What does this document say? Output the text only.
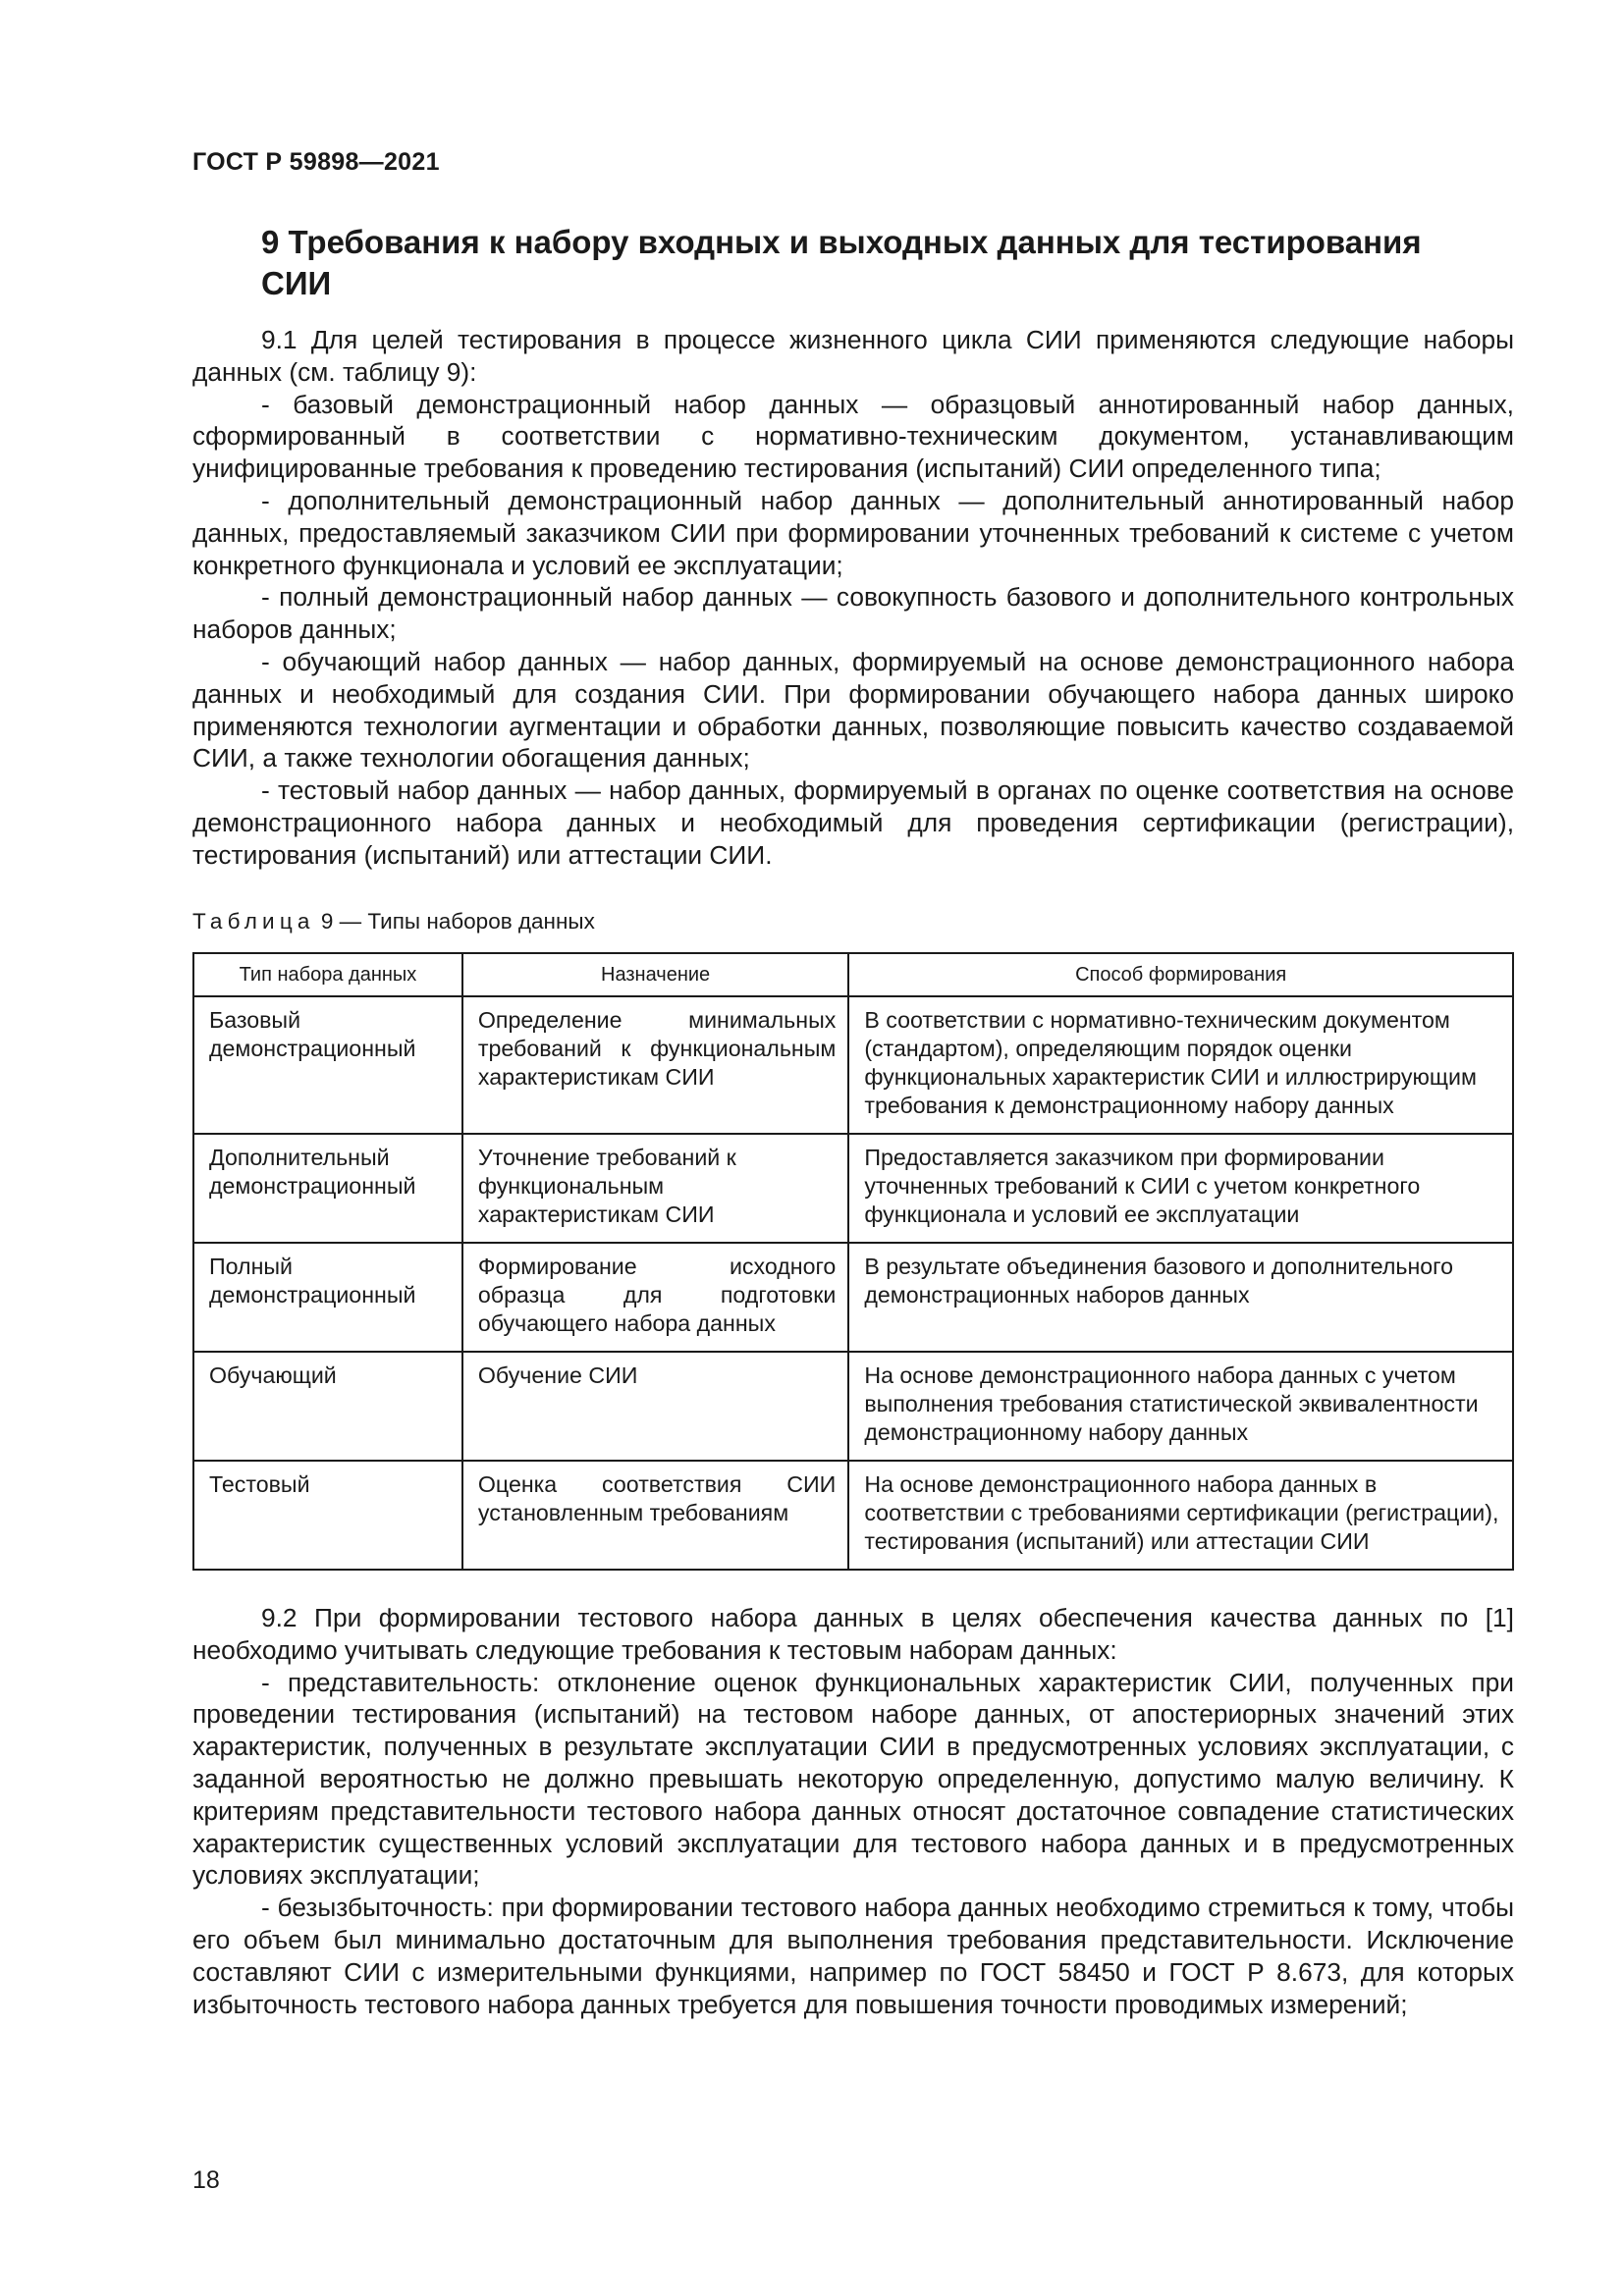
ГОСТ Р 59898—2021
9 Требования к набору входных и выходных данных для тестирования СИИ

9.1 Для целей тестирования в процессе жизненного цикла СИИ применяются следующие наборы данных (см. таблицу 9):

- базовый демонстрационный набор данных — образцовый аннотированный набор данных, сформированный в соответствии с нормативно-техническим документом, устанавливающим унифицированные требования к проведению тестирования (испытаний) СИИ определенного типа;

- дополнительный демонстрационный набор данных — дополнительный аннотированный набор данных, предоставляемый заказчиком СИИ при формировании уточненных требований к системе с учетом конкретного функционала и условий ее эксплуатации;

- полный демонстрационный набор данных — совокупность базового и дополнительного контрольных наборов данных;

- обучающий набор данных — набор данных, формируемый на основе демонстрационного набора данных и необходимый для создания СИИ. При формировании обучающего набора данных широко применяются технологии аугментации и обработки данных, позволяющие повысить качество создаваемой СИИ, а также технологии обогащения данных;

- тестовый набор данных — набор данных, формируемый в органах по оценке соответствия на основе демонстрационного набора данных и необходимый для проведения сертификации (регистрации), тестирования (испытаний) или аттестации СИИ.

Таблица 9 — Типы наборов данных
Тип набора данных	Назначение	Способ формирования
Базовый демонстрационный	Определение минимальных требований к функциональным характеристикам СИИ	В соответствии с нормативно-техническим документом (стандартом), определяющим порядок оценки функциональных характеристик СИИ и иллюстрирующим требования к демонстрационному набору данных
Дополнительный демонстрационный	Уточнение требований к функциональным характеристикам СИИ	Предоставляется заказчиком при формировании уточненных требований к СИИ с учетом конкретного функционала и условий ее эксплуатации
Полный демонстрационный	Формирование исходного образца для подготовки обучающего набора данных	В результате объединения базового и дополнительного демонстрационных наборов данных
Обучающий	Обучение СИИ	На основе демонстрационного набора данных с учетом выполнения требования статистической эквивалентности демонстрационному набору данных
Тестовый	Оценка соответствия СИИ установленным требованиям	На основе демонстрационного набора данных в соответствии с требованиями сертификации (регистрации), тестирования (испытаний) или аттестации СИИ

9.2 При формировании тестового набора данных в целях обеспечения качества данных по [1] необходимо учитывать следующие требования к тестовым наборам данных:

- представительность: отклонение оценок функциональных характеристик СИИ, полученных при проведении тестирования (испытаний) на тестовом наборе данных, от апостериорных значений этих характеристик, полученных в результате эксплуатации СИИ в предусмотренных условиях эксплуатации, с заданной вероятностью не должно превышать некоторую определенную, допустимо малую величину. К критериям представительности тестового набора данных относят достаточное совпадение статистических характеристик существенных условий эксплуатации для тестового набора данных и в предусмотренных условиях эксплуатации;

- безызбыточность: при формировании тестового набора данных необходимо стремиться к тому, чтобы его объем был минимально достаточным для выполнения требования представительности. Исключение составляют СИИ с измерительными функциями, например по ГОСТ 58450 и ГОСТ Р 8.673, для которых избыточность тестового набора данных требуется для повышения точности проводимых измерений;

18
